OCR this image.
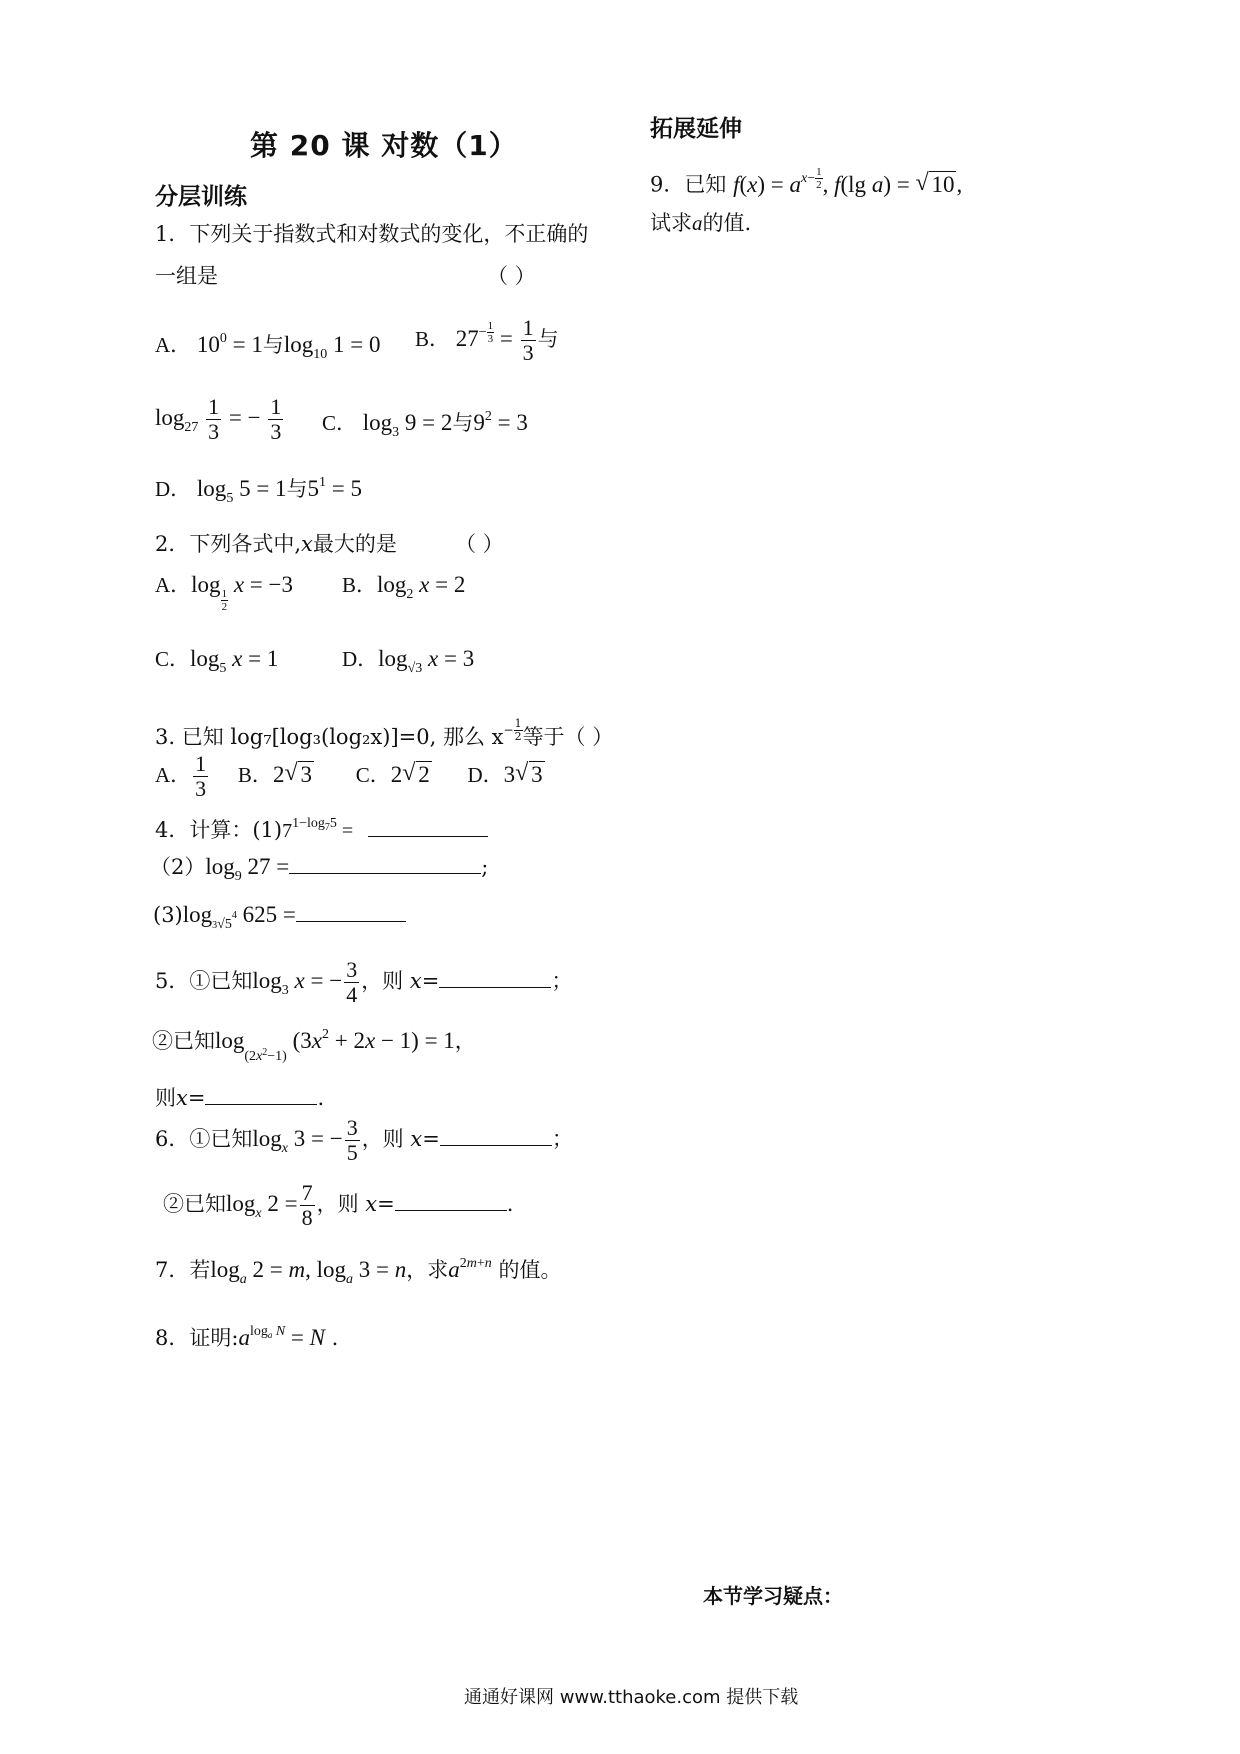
第 20 课 对数（1）
分层训练
1．下列关于指数式和对数式的变化，不正确的
一组是	（ ）
A． $10^0 = 1$与$\log_{10} 1 = 0$ B． $27^{- \frac{1}{3}} = \frac{1}{3}$ 与
$\log_{27} \frac{1}{3}$ = − $\frac{1}{3}$ C． $\log_3 9 = 2$与$9^2 = 3$
D． $\log_5 5 = 1$与$5^1 = 5$
2．下列各式中,x最大的是	（ ）
A．log
$_{\frac{1}{2}}$
x = −3 B．$\log_2 x = 2$
C．$\log_5 x = 1$	D．$\log_{√3} x = 3$
3. 已知 log₇[log₃(log₂x)]=0, 那么 $x^{- \frac{1}{2}}$ 等于（ ）
A． $\frac{1}{3}$ B．2 √ 3 C．2 √ 2 D．3 √ 3
4．计算：$(1)7^{1-log_75}$ =
$(2)\log_9$ 27 =	;
$(3)\log_{3√5^4}$ 625 =
5．①已知$\log_3 x$ = − $\frac{3}{4}$ ，则 x=	；
②已知$\log_{(2x^2-1)} (3x^2 + 2x - 1) = 1$，
则x=	.
6．①已知$\log_x 3$ = − $\frac{3}{5}$ ，则 x=	；
②已知$\log_x 2 = \frac{7}{8}$ ，则 x=	.
7．若$\log_a 2 = m$, $\log_a 3 = n$，求$a^{2m+n}$ 的值。
8．证明$:a^{log_a N} = N$ .
拓展延伸
9．已知 $f(x) = a^{x- \frac{1}{2}}$ , f(lg a) = √ 10,
试求a的值.
本节学习疑点：
通通好课网 www.tthaoke.com 提供下载
